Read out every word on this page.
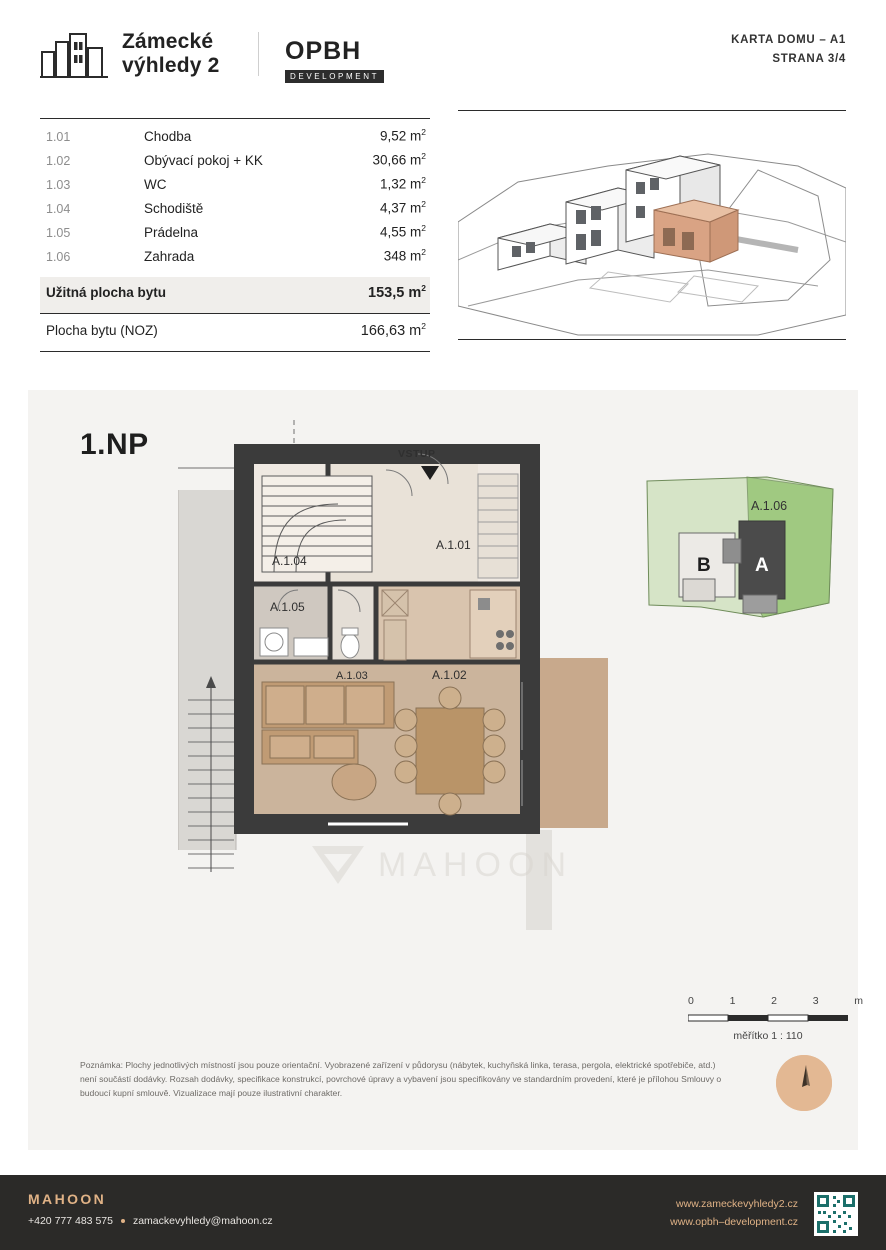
Zámecké
výhledy 2
OPBH
DEVELOPMENT
KARTA DOMU – A1
STRANA 3/4
1.01	Chodba	9,52 $m^2$
1.02	Obývací pokoj + KK	30,66 $m^2$
1.03	WC	1,32 $m^2$
1.04	Schodiště	4,37 $m^2$
1.05	Prádelna	4,55 $m^2$
1.06	Zahrada	348 $m^2$
Užitná plocha bytu	153,5 $m^2$
Plocha bytu (NOZ)	166,63 $m^2$
1.NP
A.1.01
A.1.02
A.1.03
A.1.04
A.1.05
VSTUP
B A
A.1.06
0	1	2	3	m
měřítko 1 : 110
MAHOON
Poznámka: Plochy jednotlivých místností jsou pouze orientační. Vyobrazené zařízení v půdorysu (nábytek, kuchyňská linka, terasa, pergola, elektrické spotřebiče, atd.) není součástí dodávky. Rozsah dodávky, specifikace konstrukcí, povrchové úpravy a vybavení jsou specifikovány ve standardním provedení, které je přílohou Smlouvy o budoucí kupní smlouvě. Vizualizace mají pouze ilustrativní charakter.
MAHOON
+420 777 483 575 zamackevyhledy@mahoon.cz
www.zameckevyhledy2.cz
www.opbh–development.cz
